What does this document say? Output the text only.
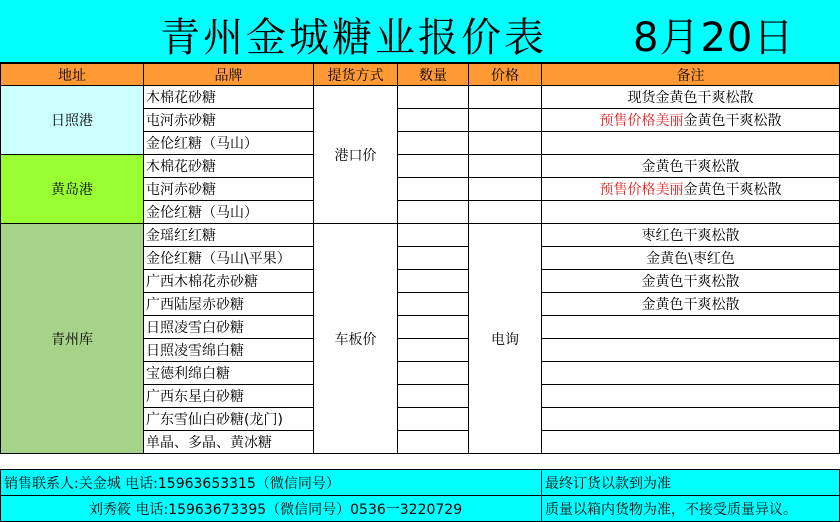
青州金城糖业报价表 8月20日
地址	品牌	提货方式	数量	价格	备注
日照港	木棉花砂糖	港口价			现货金黄色干爽松散
	屯河赤砂糖				预售价格美丽金黄色干爽松散
	金伦红糖（马山）				
黄岛港	木棉花砂糖				金黄色干爽松散
	屯河赤砂糖				预售价格美丽金黄色干爽松散
	金伦红糖（马山）				
青州库	金瑶红红糖	车板价		电询	枣红色干爽松散
	金伦红糖（马山\平果）				金黄色\枣红色
	广西木棉花赤砂糖				金黄色干爽松散
	广西陆屋赤砂糖				金黄色干爽松散
	日照凌雪白砂糖				
	日照凌雪绵白糖				
	宝德利绵白糖				
	广西东星白砂糖				
	广东雪仙白砂糖(龙门)				
	单晶、多晶、黄冰糖				
销售联系人:关金城 电话:15963653315（微信同号）	最终订货以款到为准
刘秀筱 电话:15963673395（微信同号）0536一3220729	质量以箱内货物为准，不接受质量异议。
